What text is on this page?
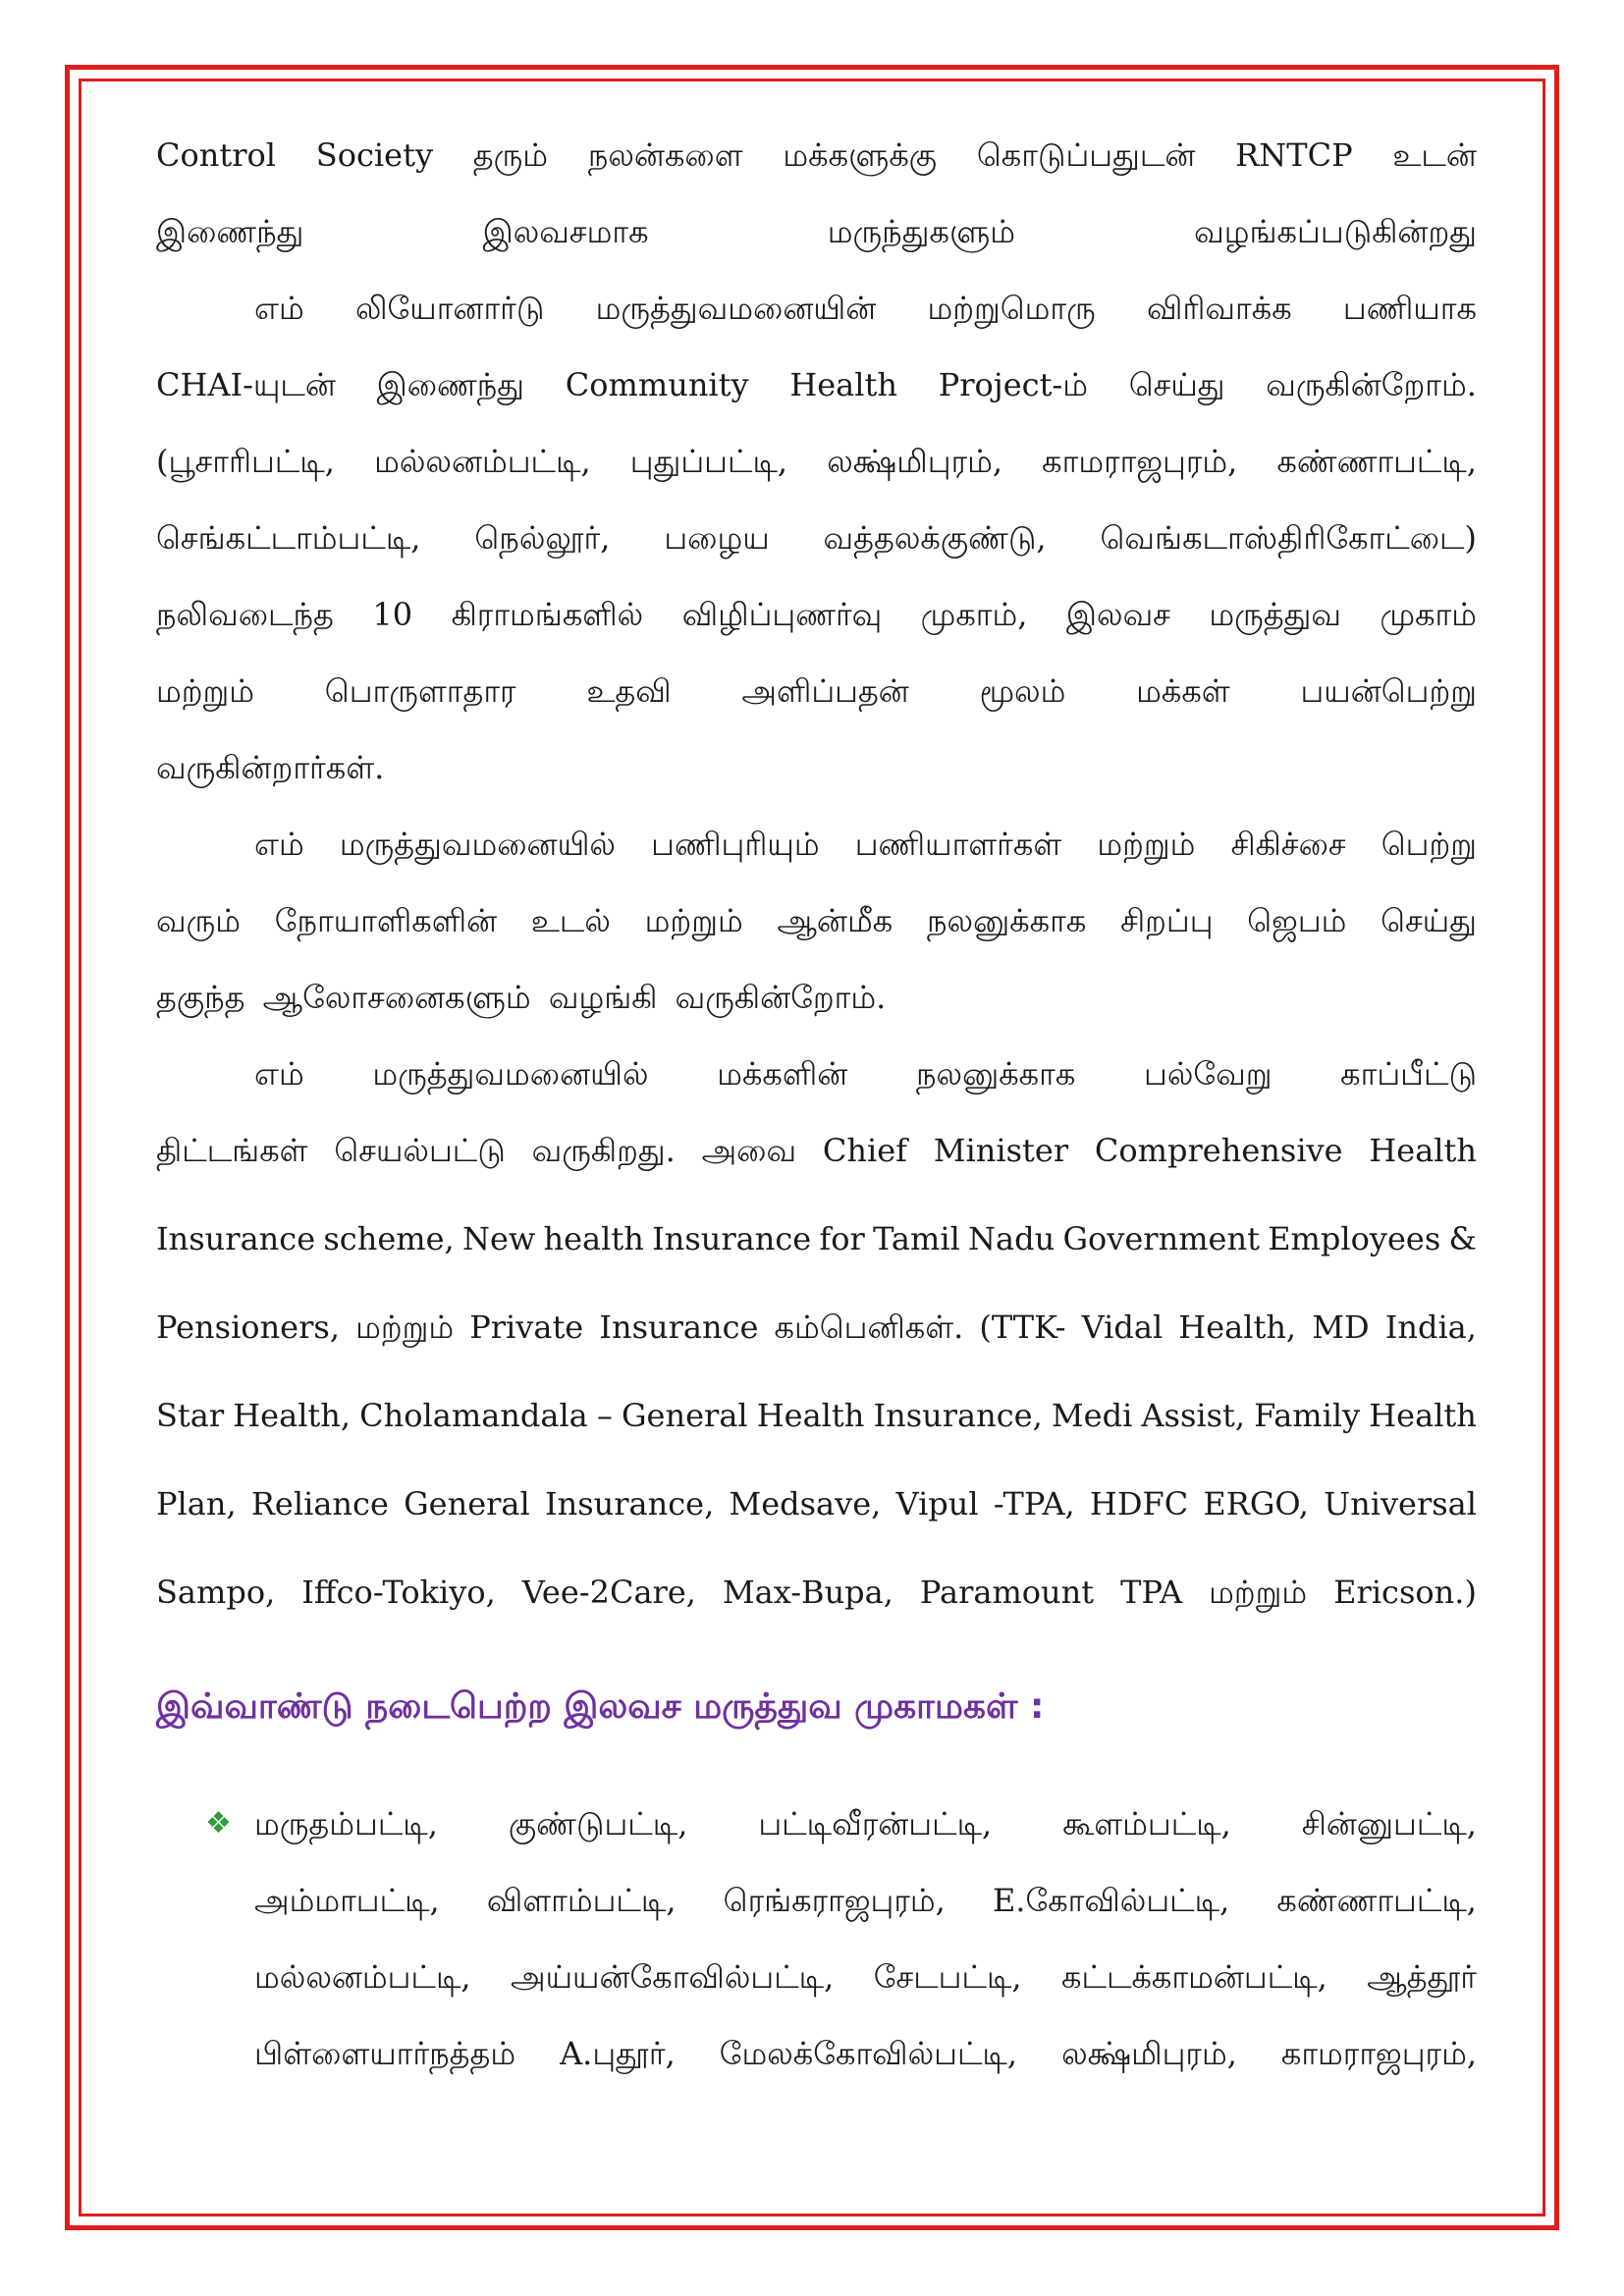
Control Society தரும் நலன்களை மக்களுக்கு கொடுப்பதுடன் RNTCP உடன்
இணைந்து	இலவசமாக	மருந்துகளும்	வழங்கப்படுகின்றது
எம் லியோனார்டு மருத்துவமனையின் மற்றுமொரு விரிவாக்க பணியாக
CHAI-யுடன் இணைந்து Community Health Project-ம் செய்து வருகின்றோம்.
(பூசாரிபட்டி, மல்லனம்பட்டி, புதுப்பட்டி, லக்ஷ்மிபுரம், காமராஜபுரம், கண்ணாபட்டி,
செங்கட்டாம்பட்டி, நெல்லூர், பழைய வத்தலக்குண்டு, வெங்கடாஸ்திரிகோட்டை)
நலிவடைந்த 10 கிராமங்களில் விழிப்புணர்வு முகாம், இலவச மருத்துவ முகாம்
மற்றும் பொருளாதார உதவி அளிப்பதன் மூலம் மக்கள் பயன்பெற்று
வருகின்றார்கள்.
எம் மருத்துவமனையில் பணிபுரியும் பணியாளர்கள் மற்றும் சிகிச்சை பெற்று
வரும் நோயாளிகளின் உடல் மற்றும் ஆன்மீக நலனுக்காக சிறப்பு ஜெபம் செய்து
தகுந்த ஆலோசனைகளும் வழங்கி வருகின்றோம்.
எம் மருத்துவமனையில் மக்களின் நலனுக்காக பல்வேறு காப்பீட்டு
திட்டங்கள் செயல்பட்டு வருகிறது. அவை Chief Minister Comprehensive Health
Insurance scheme, New health Insurance for Tamil Nadu Government Employees &
Pensioners, மற்றும் Private Insurance கம்பெனிகள். (TTK- Vidal Health, MD India,
Star Health, Cholamandala – General Health Insurance, Medi Assist, Family Health
Plan, Reliance General Insurance, Medsave, Vipul -TPA, HDFC ERGO, Universal
Sampo, Iffco-Tokiyo, Vee-2Care, Max-Bupa, Paramount TPA மற்றும் Ericson.)
இவ்வாண்டு நடைபெற்ற இலவச மருத்துவ முகாமகள் :
❖ மருதம்பட்டி, குண்டுபட்டி, பட்டிவீரன்பட்டி, கூளம்பட்டி, சின்னுபட்டி,
அம்மாபட்டி, விளாம்பட்டி, ரெங்கராஜபுரம், E.கோவில்பட்டி, கண்ணாபட்டி,
மல்லனம்பட்டி, அய்யன்கோவில்பட்டி, சேடபட்டி, கட்டக்காமன்பட்டி, ஆத்தூர்
பிள்ளையார்நத்தம் A.புதூர், மேலக்கோவில்பட்டி, லக்ஷ்மிபுரம், காமராஜபுரம்,
